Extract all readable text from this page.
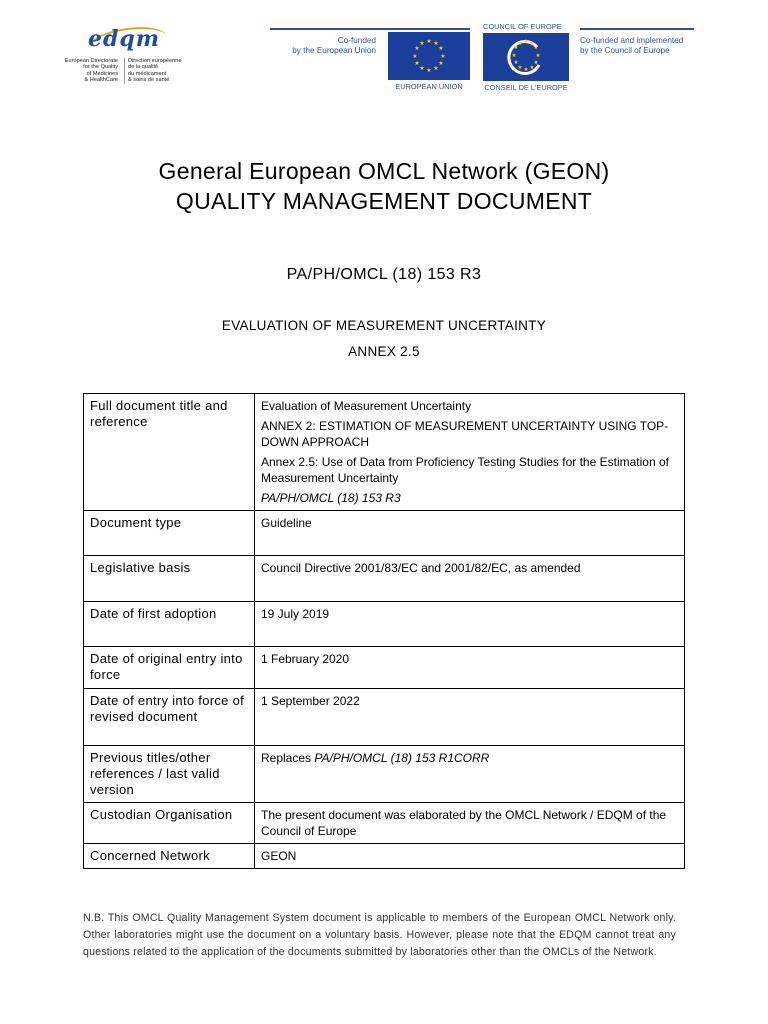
edqm
European Directorate
for the Quality
of Medicines
& HealthCare
Direction européenne
de la qualité
du médicament
& soins de santé
Co-funded
by the European Union
★ ★
★
★
★
★
★
★
★
★
★
★
EUROPEAN UNION
COUNCIL OF EUROPE
★ ★
★
★
★
★
★
★
★
★
★
★
CONSEIL DE L'EUROPE
Co-funded and implemented
by the Council of Europe
General European OMCL Network (GEON)
QUALITY MANAGEMENT DOCUMENT
PA/PH/OMCL (18) 153 R3
EVALUATION OF MEASUREMENT UNCERTAINTY
ANNEX 2.5
Full document title and reference	Evaluation of Measurement Uncertainty

ANNEX 2: ESTIMATION OF MEASUREMENT UNCERTAINTY USING TOP-DOWN APPROACH

Annex 2.5: Use of Data from Proficiency Testing Studies for the Estimation of Measurement Uncertainty

PA/PH/OMCL (18) 153 R3

Document type	Guideline
Legislative basis	Council Directive 2001/83/EC and 2001/82/EC, as amended
Date of first adoption	19 July 2019
Date of original entry into force	1 February 2020
Date of entry into force of revised document	1 September 2022
Previous titles/other references / last valid version	Replaces PA/PH/OMCL (18) 153 R1CORR
Custodian Organisation	The present document was elaborated by the OMCL Network / EDQM of the Council of Europe
Concerned Network	GEON
N.B. This OMCL Quality Management System document is applicable to members of the European OMCL Network only. Other laboratories might use the document on a voluntary basis. However, please note that the EDQM cannot treat any questions related to the application of the documents submitted by laboratories other than the OMCLs of the Network.
